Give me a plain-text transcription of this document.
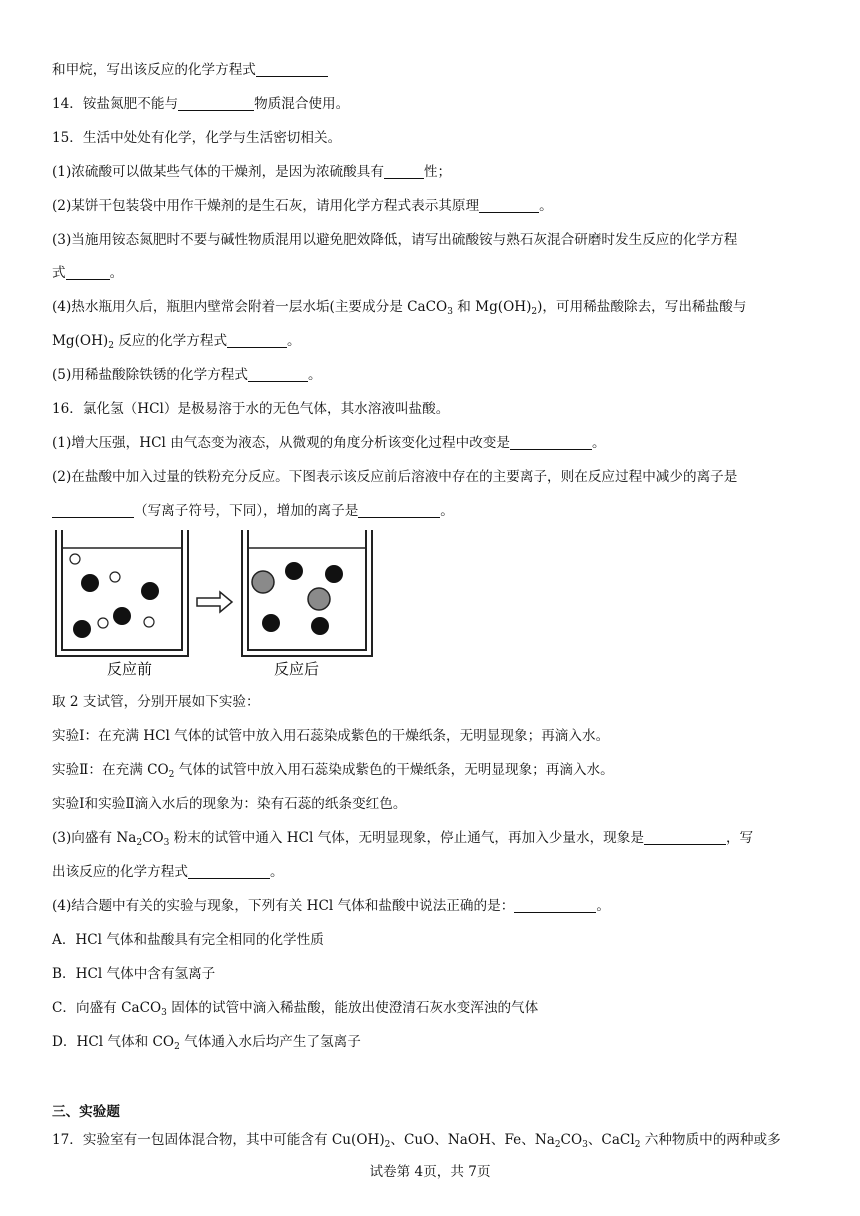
和甲烷，写出该反应的化学方程式
14．铵盐氮肥不能与	物质混合使用。
15．生活中处处有化学，化学与生活密切相关。
(1)浓硫酸可以做某些气体的干燥剂，是因为浓硫酸具有	性；
(2)某饼干包装袋中用作干燥剂的是生石灰，请用化学方程式表示其原理	。
(3)当施用铵态氮肥时不要与碱性物质混用以避免肥效降低，请写出硫酸铵与熟石灰混合研磨时发生反应的化学方程
式	。
(4)热水瓶用久后，瓶胆内壁常会附着一层水垢(主要成分是 CaCO$_3$ 和 $Mg(OH)_2$)，可用稀盐酸除去，写出稀盐酸与
$Mg(OH)_2$ 反应的化学方程式	。
(5)用稀盐酸除铁锈的化学方程式	。
16．氯化氢（HCl）是极易溶于水的无色气体，其水溶液叫盐酸。
(1)增大压强，HCl 由气态变为液态，从微观的角度分析该变化过程中改变是	。
(2)在盐酸中加入过量的铁粉充分反应。下图表示该反应前后溶液中存在的主要离子，则在反应过程中减少的离子是
（写离子符号，下同），增加的离子是	。
反应前	反应后
取 2 支试管，分别开展如下实验：
实验Ⅰ：在充满 HCl 气体的试管中放入用石蕊染成紫色的干燥纸条，无明显现象；再滴入水。
实验Ⅱ：在充满 $CO_2$ 气体的试管中放入用石蕊染成紫色的干燥纸条，无明显现象；再滴入水。
实验Ⅰ和实验Ⅱ滴入水后的现象为：染有石蕊的纸条变红色。
(3)向盛有 $Na_2CO_3$ 粉末的试管中通入 HCl 气体，无明显现象，停止通气，再加入少量水，现象是	，写
出该反应的化学方程式	。
(4)结合题中有关的实验与现象，下列有关 HCl 气体和盐酸中说法正确的是：	。
A．HCl 气体和盐酸具有完全相同的化学性质
B．HCl 气体中含有氢离子
C．向盛有 CaCO$_3$ 固体的试管中滴入稀盐酸，能放出使澄清石灰水变浑浊的气体
D．HCl 气体和 $CO_2$ 气体通入水后均产生了氢离子
三、实验题
17．实验室有一包固体混合物，其中可能含有 $Cu(OH)_2$、CuO、NaOH、Fe、$Na_2CO_3$、CaCl$_2$ 六种物质中的两种或多
试卷第 4页，共 7页
